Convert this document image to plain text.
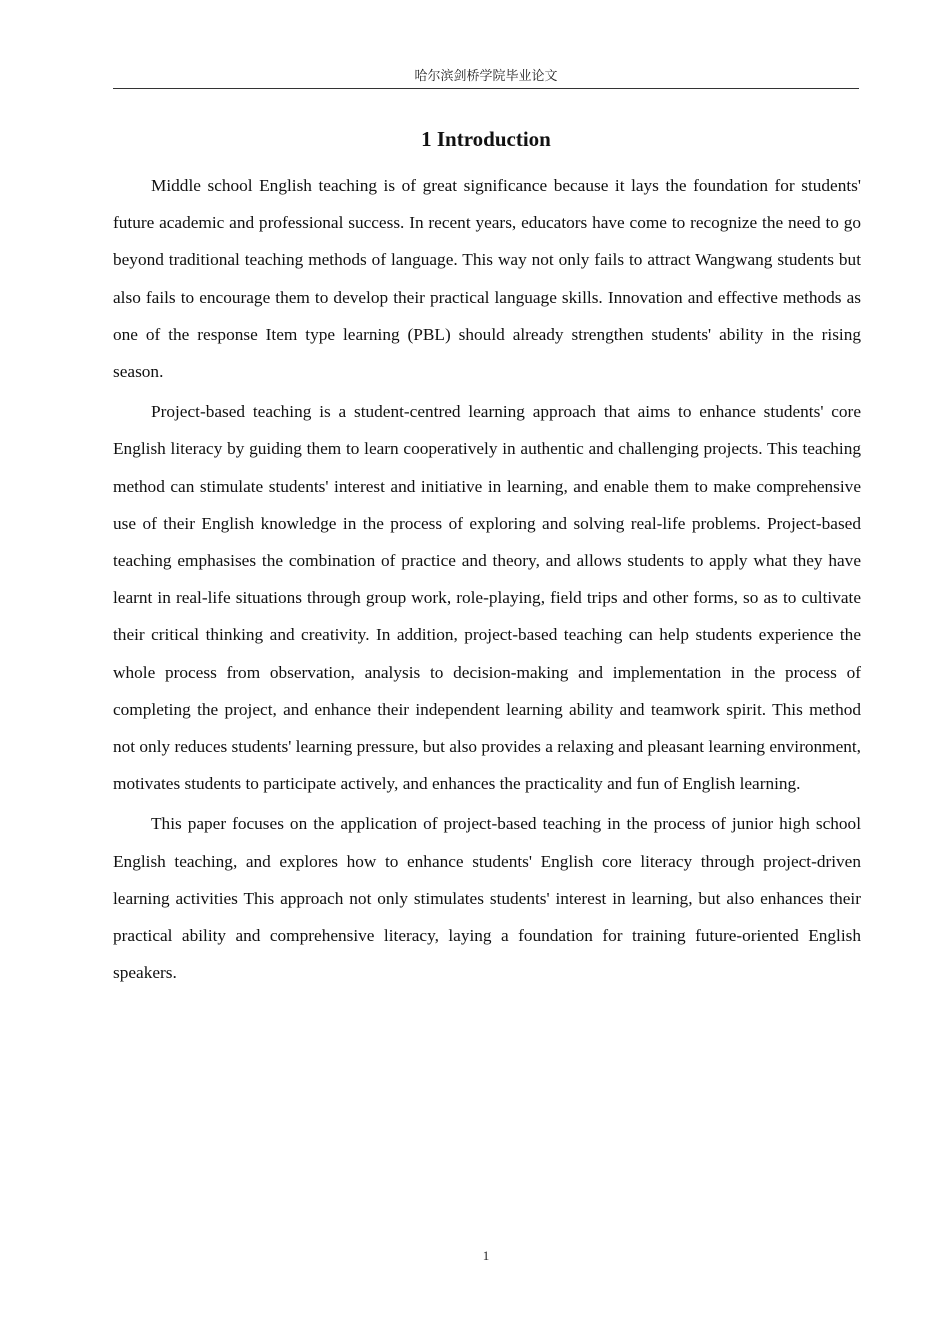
哈尔滨剑桥学院毕业论文
1 Introduction

Middle school English teaching is of great significance because it lays the foundation for students' future academic and professional success. In recent years, educators have come to recognize the need to go beyond traditional teaching methods of language. This way not only fails to attract Wangwang students but also fails to encourage them to develop their practical language skills. Innovation and effective methods as one of the response Item type learning (PBL) should already strengthen students' ability in the rising season.

Project-based teaching is a student-centred learning approach that aims to enhance students' core English literacy by guiding them to learn cooperatively in authentic and challenging projects. This teaching method can stimulate students' interest and initiative in learning, and enable them to make comprehensive use of their English knowledge in the process of exploring and solving real-life problems. Project-based teaching emphasises the combination of practice and theory, and allows students to apply what they have learnt in real-life situations through group work, role-playing, field trips and other forms, so as to cultivate their critical thinking and creativity. In addition, project-based teaching can help students experience the whole process from observation, analysis to decision-making and implementation in the process of completing the project, and enhance their independent learning ability and teamwork spirit. This method not only reduces students' learning pressure, but also provides a relaxing and pleasant learning environment, motivates students to participate actively, and enhances the practicality and fun of English learning.

This paper focuses on the application of project-based teaching in the process of junior high school English teaching, and explores how to enhance students' English core literacy through project-driven learning activities This approach not only stimulates students' interest in learning, but also enhances their practical ability and comprehensive literacy, laying a foundation for training future-oriented English speakers.

1
